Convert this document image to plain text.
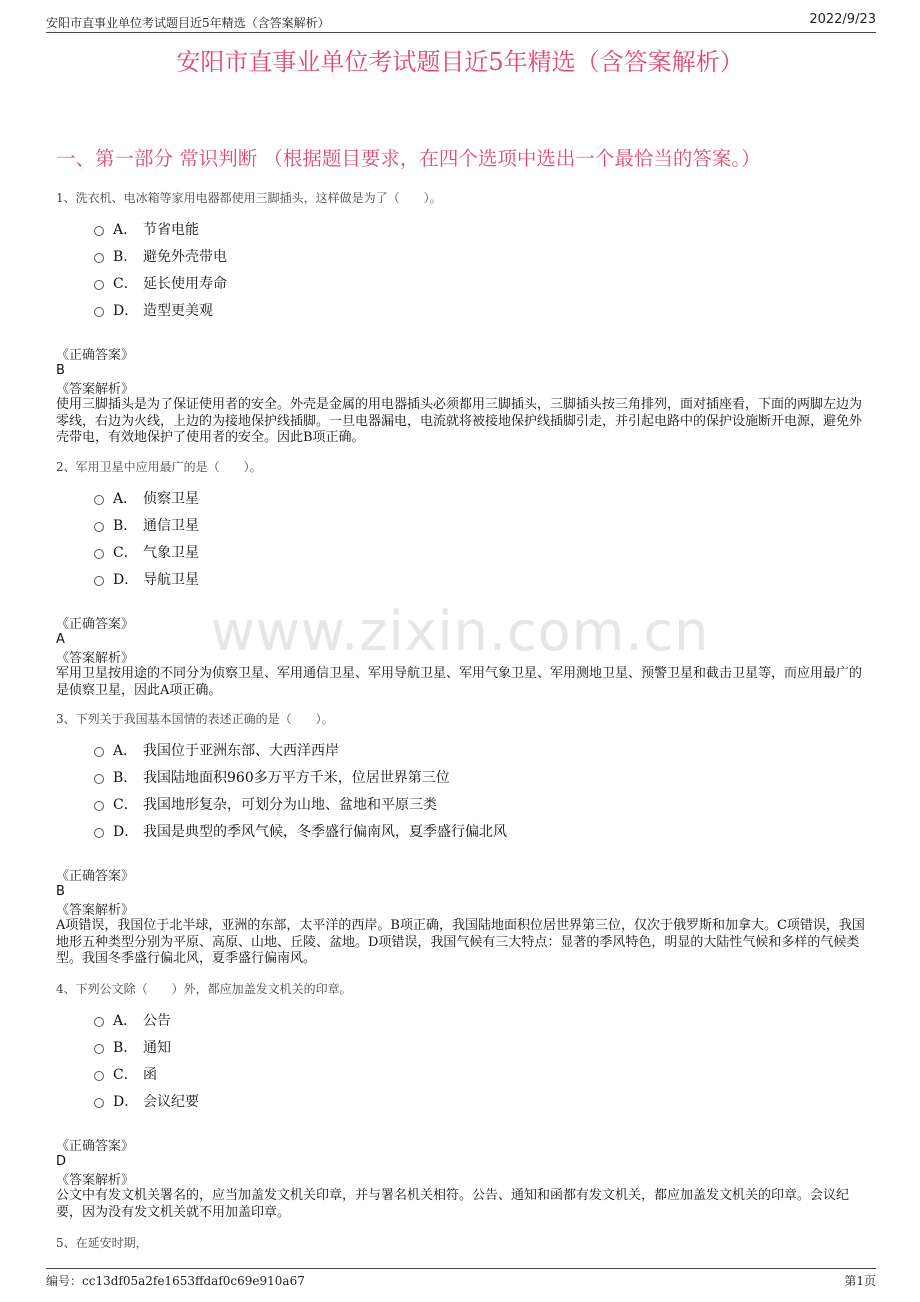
安阳市直事业单位考试题目近5年精选（含答案解析）	2022/9/23
安阳市直事业单位考试题目近5年精选（含答案解析）
一、第一部分 常识判断 （根据题目要求，在四个选项中选出一个最恰当的答案。）
www.zixin.com.cn
1、洗衣机、电冰箱等家用电器都使用三脚插头，这样做是为了（　　）。
A． 节省电能
B． 避免外壳带电
C． 延长使用寿命
D． 造型更美观
《正确答案》
B
《答案解析》
使用三脚插头是为了保证使用者的安全。外壳是金属的用电器插头必须都用三脚插头，三脚插头按三角排列，面对插座看，下面的两脚左边为零线，右边为火线，上边的为接地保护线插脚。一旦电器漏电，电流就将被接地保护线插脚引走，并引起电路中的保护设施断开电源，避免外壳带电，有效地保护了使用者的安全。因此B项正确。
2、军用卫星中应用最广的是（　　）。
A． 侦察卫星
B． 通信卫星
C． 气象卫星
D． 导航卫星
《正确答案》
A
《答案解析》
军用卫星按用途的不同分为侦察卫星、军用通信卫星、军用导航卫星、军用气象卫星、军用测地卫星、预警卫星和截击卫星等，而应用最广的是侦察卫星，因此A项正确。
3、下列关于我国基本国情的表述正确的是（　　）。
A． 我国位于亚洲东部、大西洋西岸
B． 我国陆地面积960多万平方千米，位居世界第三位
C． 我国地形复杂，可划分为山地、盆地和平原三类
D． 我国是典型的季风气候，冬季盛行偏南风，夏季盛行偏北风
《正确答案》
B
《答案解析》
A项错误，我国位于北半球，亚洲的东部，太平洋的西岸。B项正确，我国陆地面积位居世界第三位，仅次于俄罗斯和加拿大。C项错误，我国地形五种类型分别为平原、高原、山地、丘陵、盆地。D项错误，我国气候有三大特点：显著的季风特色，明显的大陆性气候和多样的气候类型。我国冬季盛行偏北风，夏季盛行偏南风。
4、下列公文除（　　）外，都应加盖发文机关的印章。
A． 公告
B． 通知
C． 函
D． 会议纪要
《正确答案》
D
《答案解析》
公文中有发文机关署名的，应当加盖发文机关印章，并与署名机关相符。公告、通知和函都有发文机关，都应加盖发文机关的印章。会议纪要，因为没有发文机关就不用加盖印章。
5、在延安时期，
编号：cc13df05a2fe1653ffdaf0c69e910a67	第1页
